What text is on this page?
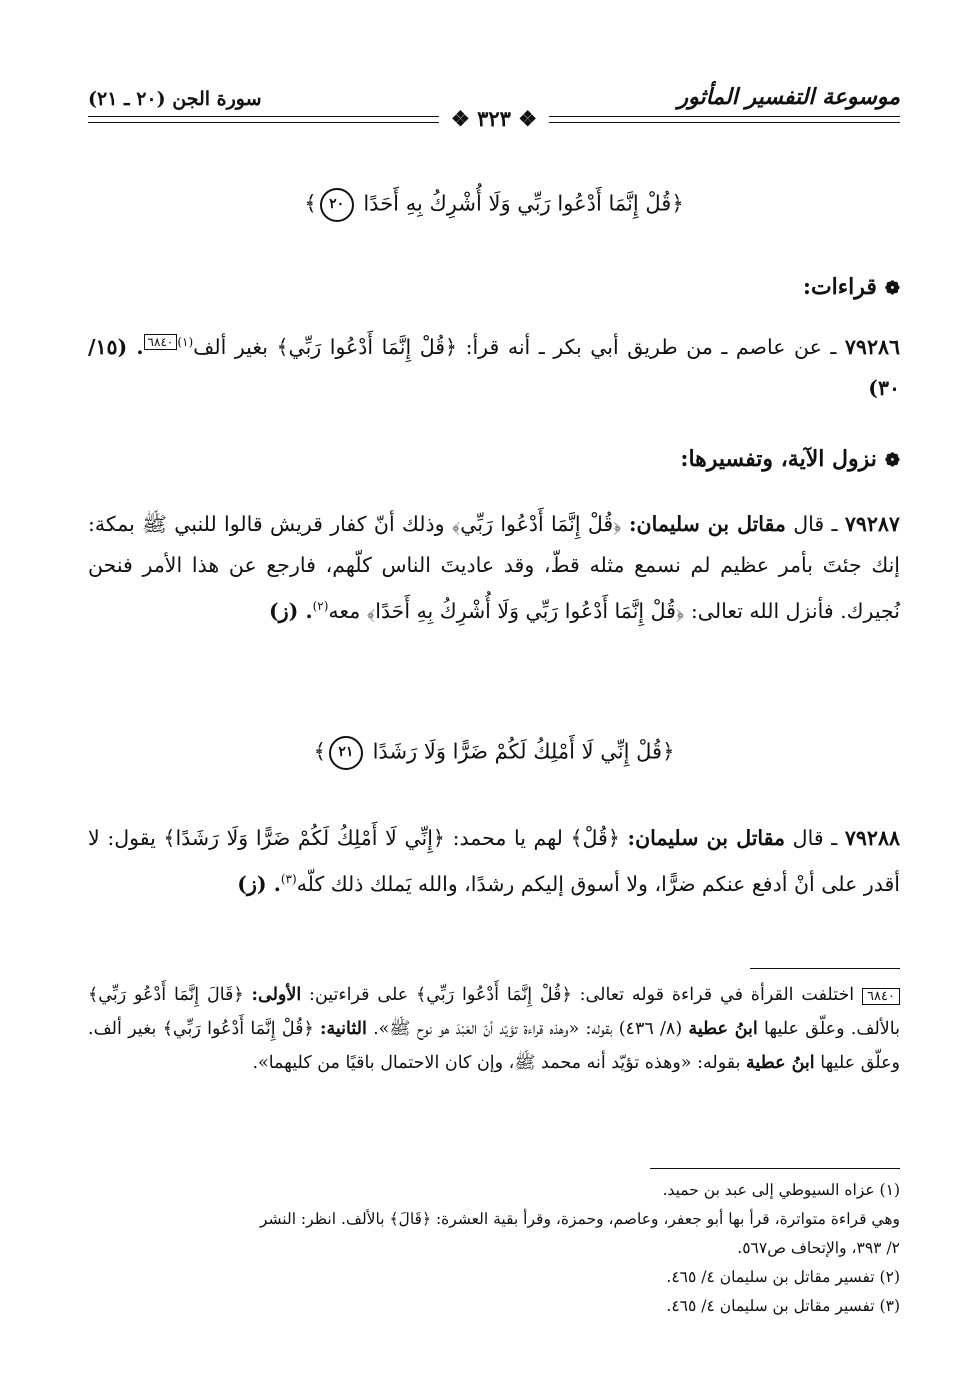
موسوعة التفسير المأثور
سورة الجن (٢٠ ـ ٢١)
❖ ٣٢٣ ❖
﴿قُلْ إِنَّمَا أَدْعُوا رَبِّي وَلَا أُشْرِكُ بِهِ أَحَدًا ٢٠﴾
❁قراءات:
٧٩٢٨٦ ـ عن عاصم ـ من طريق أبي بكر ـ أنه قرأ: ﴿قُلْ إِنَّمَا أَدْعُوا رَبِّي﴾ بغير ألف$^{(١)}$٦٨٤٠. (١٥/ ٣٠)
❁نزول الآية، وتفسيرها:
٧٩٢٨٧ ـ قال مقاتل بن سليمان: ﴿قُلْ إِنَّمَا أَدْعُوا رَبِّي﴾ وذلك أنّ كفار قريش قالوا للنبي ﷺ بمكة: إنك جئتَ بأمر عظيم لم نسمع مثله قطّ، وقد عاديتَ الناس كلّهم، فارجع عن هذا الأمر فنحن نُجيرك. فأنزل الله تعالى: ﴿قُلْ إِنَّمَا أَدْعُوا رَبِّي وَلَا أُشْرِكُ بِهِ أَحَدًا﴾ معه$^{(٢)}$. (ز)
﴿قُلْ إِنِّي لَا أَمْلِكُ لَكُمْ ضَرًّا وَلَا رَشَدًا ٢١﴾
٧٩٢٨٨ ـ قال مقاتل بن سليمان: ﴿قُلْ﴾ لهم يا محمد: ﴿إِنِّي لَا أَمْلِكُ لَكُمْ ضَرًّا وَلَا رَشَدًا﴾ يقول: لا أقدر على أنْ أدفع عنكم ضرًّا، ولا أسوق إليكم رشدًا، والله يَملك ذلك كلّه$^{(٣)}$. (ز)
٦٨٤٠ اختلفت القرأة في قراءة قوله تعالى: ﴿قُلْ إِنَّمَا أَدْعُوا رَبِّي﴾ على قراءتين: الأولى: ﴿قَالَ إِنَّمَا أَدْعُو رَبِّي﴾ بالألف. وعلّق عليها ابنُ عطية (٨/ ٤٣٦) بقوله: «وهذه قراءة تؤيّد أنّ العَبْدَ هو نوح ﷺ». الثانية: ﴿قُلْ إِنَّمَا أَدْعُوا رَبِّي﴾ بغير ألف. وعلّق عليها ابنُ عطية بقوله: «وهذه تؤيّد أنه محمد ﷺ، وإن كان الاحتمال باقيًا من كليهما».
(١) عزاه السيوطي إلى عبد بن حميد.
وهي قراءة متواترة، قرأ بها أبو جعفر، وعاصم، وحمزة، وقرأ بقية العشرة: ﴿قَالَ﴾ بالألف. انظر: النشر
٢/ ٣٩٣، والإتحاف ص٥٦٧.
(٢) تفسير مقاتل بن سليمان ٤/ ٤٦٥.
(٣) تفسير مقاتل بن سليمان ٤/ ٤٦٥.
